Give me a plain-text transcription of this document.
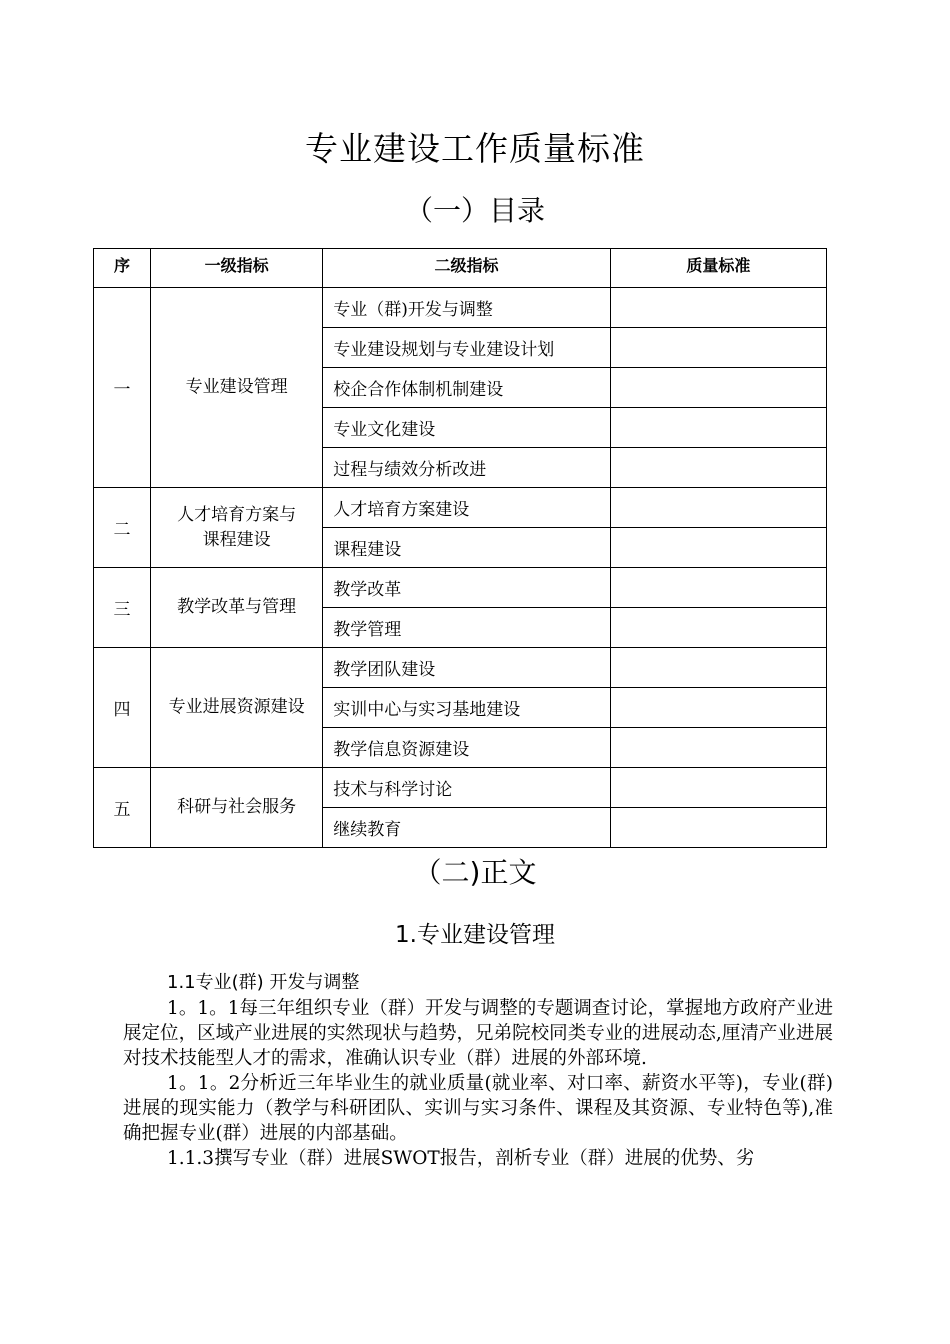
专业建设工作质量标准
（一）目录
序	一级指标	二级指标	质量标准
一	专业建设管理	专业（群)开发与调整	
		专业建设规划与专业建设计划	
		校企合作体制机制建设	
		专业文化建设	
		过程与绩效分析改进	
二	人才培育方案与课程建设	人才培育方案建设	
		课程建设	
三	教学改革与管理	教学改革	
		教学管理	
四	专业进展资源建设	教学团队建设	
		实训中心与实习基地建设	
		教学信息资源建设	
五	科研与社会服务	技术与科学讨论	
		继续教育	
（二)正文
1.专业建设管理
1.1专业(群) 开发与调整

1。1。1每三年组织专业（群）开发与调整的专题调查讨论，掌握地方政府产业进展定位，区域产业进展的实然现状与趋势，兄弟院校同类专业的进展动态,厘清产业进展对技术技能型人才的需求，准确认识专业（群）进展的外部环境.

1。1。2分析近三年毕业生的就业质量(就业率、对口率、薪资水平等)，专业(群)进展的现实能力（教学与科研团队、实训与实习条件、课程及其资源、专业特色等),准确把握专业(群）进展的内部基础。

1.1.3撰写专业（群）进展SWOT报告，剖析专业（群）进展的优势、劣
